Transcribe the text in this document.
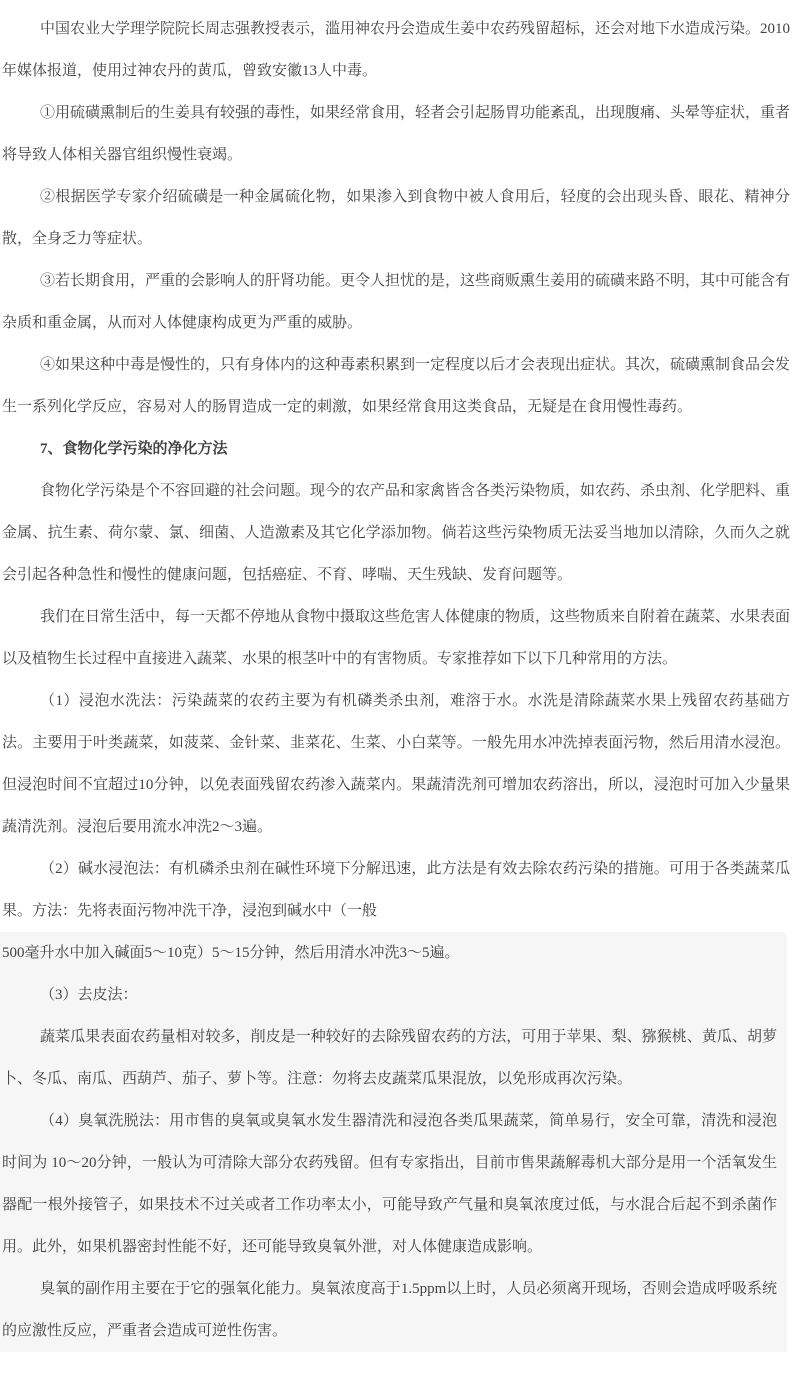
中国农业大学理学院院长周志强教授表示，滥用神农丹会造成生姜中农药残留超标，还会对地下水造成污染。2010年媒体报道，使用过神农丹的黄瓜，曾致安徽13人中毒。

①用硫磺熏制后的生姜具有较强的毒性，如果经常食用，轻者会引起肠胃功能紊乱，出现腹痛、头晕等症状，重者将导致人体相关器官组织慢性衰竭。

②根据医学专家介绍硫磺是一种金属硫化物，如果渗入到食物中被人食用后，轻度的会出现头昏、眼花、精神分散，全身乏力等症状。

③若长期食用，严重的会影响人的肝肾功能。更令人担忧的是，这些商贩熏生姜用的硫磺来路不明，其中可能含有杂质和重金属，从而对人体健康构成更为严重的威胁。

④如果这种中毒是慢性的，只有身体内的这种毒素积累到一定程度以后才会表现出症状。其次，硫磺熏制食品会发生一系列化学反应，容易对人的肠胃造成一定的刺激，如果经常食用这类食品，无疑是在食用慢性毒药。

7、食物化学污染的净化方法

食物化学污染是个不容回避的社会问题。现今的农产品和家禽皆含各类污染物质，如农药、杀虫剂、化学肥料、重金属、抗生素、荷尔蒙、氯、细菌、人造激素及其它化学添加物。倘若这些污染物质无法妥当地加以清除，久而久之就会引起各种急性和慢性的健康问题，包括癌症、不育、哮喘、天生残缺、发育问题等。

我们在日常生活中，每一天都不停地从食物中摄取这些危害人体健康的物质，这些物质来自附着在蔬菜、水果表面以及植物生长过程中直接进入蔬菜、水果的根茎叶中的有害物质。专家推荐如下以下几种常用的方法。

（1）浸泡水洗法：污染蔬菜的农药主要为有机磷类杀虫剂，难溶于水。水洗是清除蔬菜水果上残留农药基础方法。主要用于叶类蔬菜，如菠菜、金针菜、韭菜花、生菜、小白菜等。一般先用水冲洗掉表面污物，然后用清水浸泡。但浸泡时间不宜超过10分钟，以免表面残留农药渗入蔬菜内。果蔬清洗剂可增加农药溶出，所以，浸泡时可加入少量果蔬清洗剂。浸泡后要用流水冲洗2～3遍。

（2）碱水浸泡法：有机磷杀虫剂在碱性环境下分解迅速，此方法是有效去除农药污染的措施。可用于各类蔬菜瓜果。方法：先将表面污物冲洗干净，浸泡到碱水中（一般

500毫升水中加入碱面5～10克）5～15分钟，然后用清水冲洗3～5遍。

（3）去皮法：

蔬菜瓜果表面农药量相对较多，削皮是一种较好的去除残留农药的方法，可用于苹果、梨、猕猴桃、黄瓜、胡萝卜、冬瓜、南瓜、西葫芦、茄子、萝卜等。注意：勿将去皮蔬菜瓜果混放，以免形成再次污染。

（4）臭氧洗脱法：用市售的臭氧或臭氧水发生器清洗和浸泡各类瓜果蔬菜，简单易行，安全可靠，清洗和浸泡时间为 10～20分钟，一般认为可清除大部分农药残留。但有专家指出，目前市售果蔬解毒机大部分是用一个活氧发生器配一根外接管子，如果技术不过关或者工作功率太小，可能导致产气量和臭氧浓度过低，与水混合后起不到杀菌作用。此外，如果机器密封性能不好，还可能导致臭氧外泄，对人体健康造成影响。

臭氧的副作用主要在于它的强氧化能力。臭氧浓度高于1.5ppm以上时，人员必须离开现场，否则会造成呼吸系统的应激性反应，严重者会造成可逆性伤害。
